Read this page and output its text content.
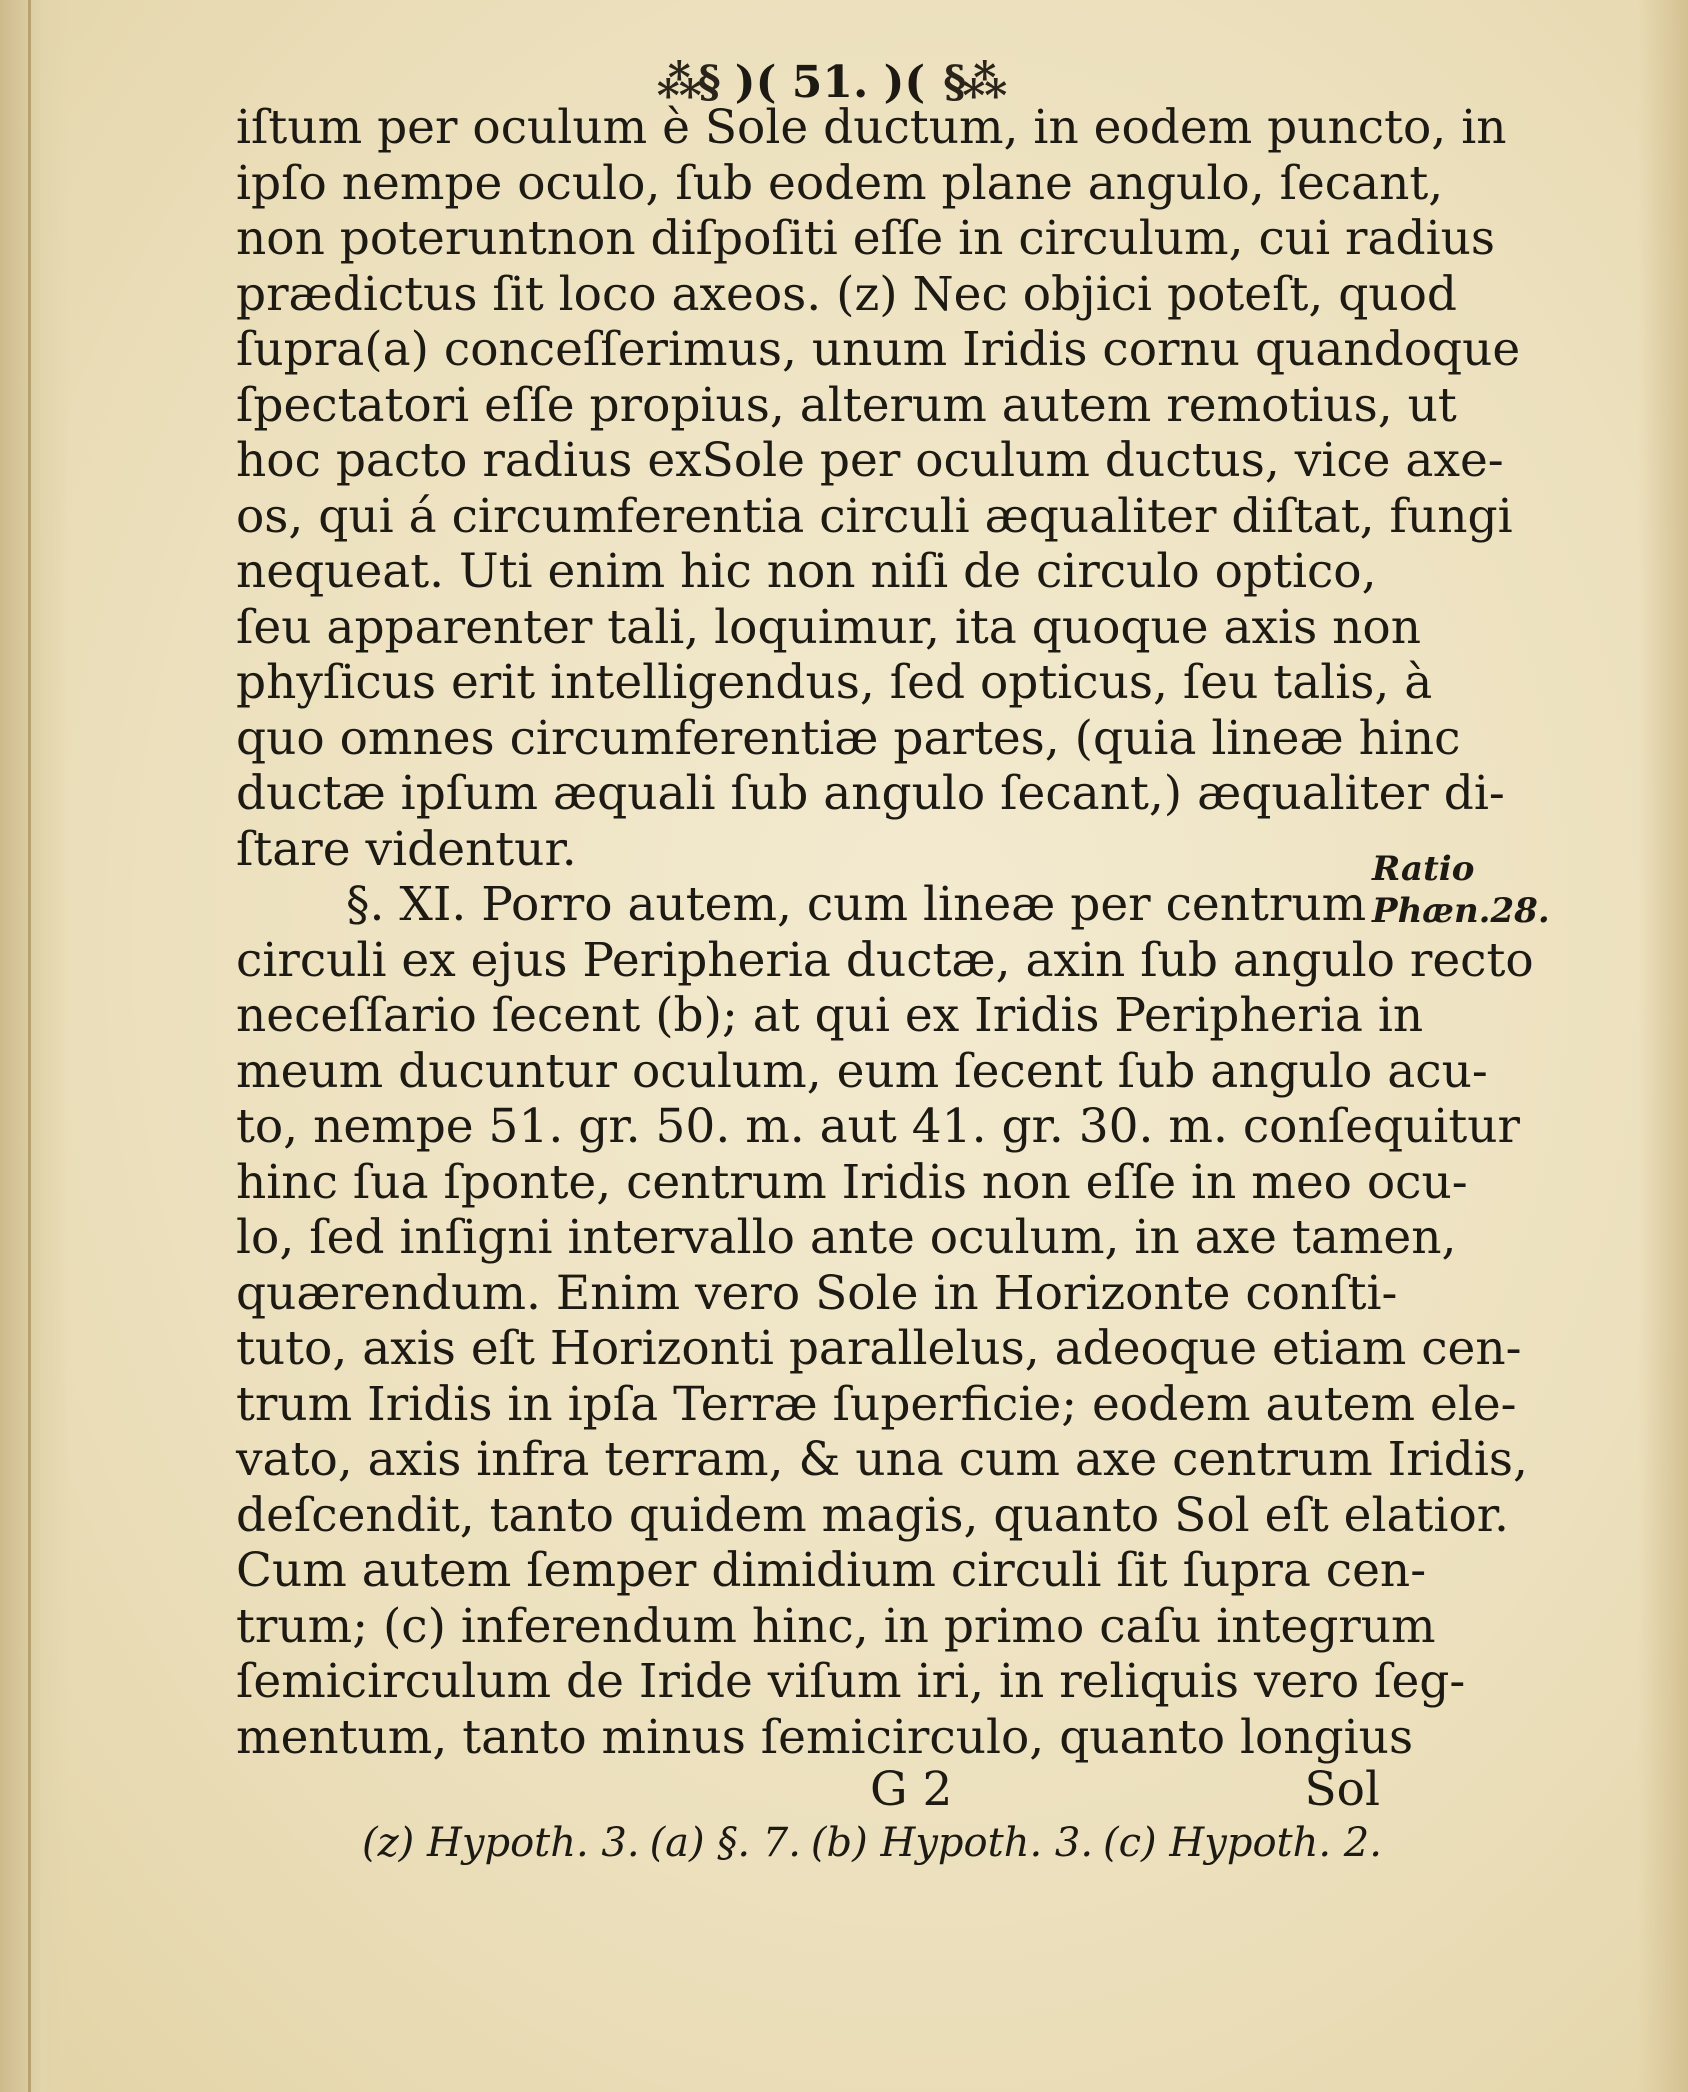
⁂§ )( 51. )( §⁂
iſtum per oculum è Sole ductum, in eodem puncto, in
ipſo nempe oculo, ſub eodem plane angulo, ſecant,
non poteruntnon diſpoſiti eſſe in circulum, cui radius
prædictus ſit loco axeos. (z) Nec objici poteſt, quod
ſupra(a) conceſſerimus, unum Iridis cornu quandoque
ſpectatori eſſe propius, alterum autem remotius, ut
hoc pacto radius exSole per oculum ductus, vice axe-
os, qui á circumferentia circuli æqualiter diſtat, fungi
nequeat. Uti enim hic non niſi de circulo optico,
ſeu apparenter tali, loquimur, ita quoque axis non
phyſicus erit intelligendus, ſed opticus, ſeu talis, à
quo omnes circumferentiæ partes, (quia lineæ hinc
ductæ ipſum æquali ſub angulo ſecant,) æqualiter di-
ſtare videntur.
§. XI. Porro autem, cum lineæ per centrum
circuli ex ejus Peripheria ductæ, axin ſub angulo recto
neceſſario ſecent (b); at qui ex Iridis Peripheria in
meum ducuntur oculum, eum ſecent ſub angulo acu-
to, nempe 51. gr. 50. m. aut 41. gr. 30. m. conſequitur
hinc ſua ſponte, centrum Iridis non eſſe in meo ocu-
lo, ſed inſigni intervallo ante oculum, in axe tamen,
quærendum. Enim vero Sole in Horizonte conſti-
tuto, axis eſt Horizonti parallelus, adeoque etiam cen-
trum Iridis in ipſa Terræ ſuperficie; eodem autem ele-
vato, axis infra terram, & una cum axe centrum Iridis,
deſcendit, tanto quidem magis, quanto Sol eſt elatior.
Cum autem ſemper dimidium circuli ſit ſupra cen-
trum; (c) inferendum hinc, in primo caſu integrum
ſemicirculum de Iride viſum iri, in reliquis vero ſeg-
mentum, tanto minus ſemicirculo, quanto longius
Ratio
Phæn.28.
G 2	Sol
(z) Hypoth. 3. (a) §. 7. (b) Hypoth. 3. (c) Hypoth. 2.
